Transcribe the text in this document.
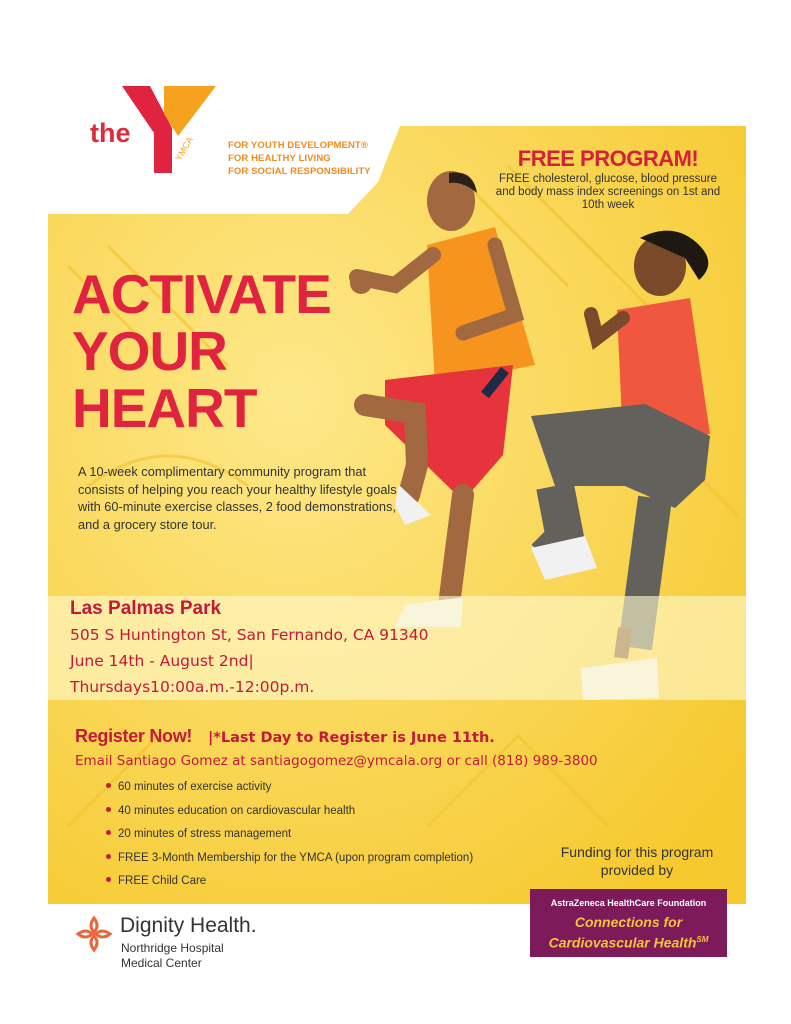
the
YMCA	FOR YOUTH DEVELOPMENT®
FOR HEALTHY LIVING
FOR SOCIAL RESPONSIBILITY
FREE PROGRAM!
FREE cholesterol, glucose, blood pressure and body mass index screenings on 1st and 10th week
ACTIVATE
YOUR
HEART
A 10-week complimentary community program that consists of helping you reach your healthy lifestyle goals with 60-minute exercise classes, 2 food demonstrations, and a grocery store tour.
Las Palmas Park
505 S Huntington St, San Fernando, CA 91340
June 14th - August 2nd|
Thursdays10:00a.m.-12:00p.m.
Register Now! |*Last Day to Register is June 11th.
Email Santiago Gomez at santiagogomez@ymcala.org or call (818) 989-3800
60 minutes of exercise activity
40 minutes education on cardiovascular health
20 minutes of stress management
FREE 3-Month Membership for the YMCA (upon program completion)
FREE Child Care
Funding for this program provided by
AstraZeneca HealthCare Foundation
Connections for Cardiovascular Health℠
Dignity Health.
Northridge Hospital
Medical Center
